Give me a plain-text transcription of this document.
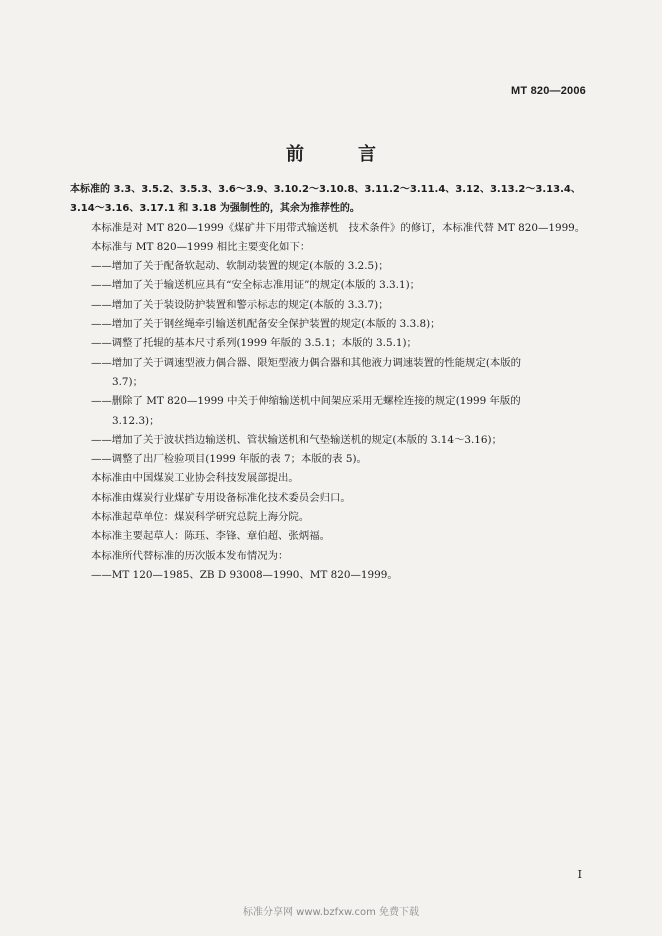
MT 820—2006
前　言

本标准的 3.3、3.5.2、3.5.3、3.6～3.9、3.10.2～3.10.8、3.11.2～3.11.4、3.12、3.13.2～3.13.4、3.14～3.16、3.17.1 和 3.18 为强制性的，其余为推荐性的。

本标准是对 MT 820—1999《煤矿井下用带式输送机　技术条件》的修订，本标准代替 MT 820—1999。

本标准与 MT 820—1999 相比主要变化如下：

——增加了关于配备软起动、软制动装置的规定(本版的 3.2.5)；

——增加了关于输送机应具有“安全标志准用证”的规定(本版的 3.3.1)；

——增加了关于装设防护装置和警示标志的规定(本版的 3.3.7)；

——增加了关于钢丝绳牵引输送机配备安全保护装置的规定(本版的 3.3.8)；

——调整了托辊的基本尺寸系列(1999 年版的 3.5.1；本版的 3.5.1)；

——增加了关于调速型液力偶合器、限矩型液力偶合器和其他液力调速装置的性能规定(本版的
3.7)；

——删除了 MT 820—1999 中关于伸缩输送机中间架应采用无螺栓连接的规定(1999 年版的
3.12.3)；

——增加了关于波状挡边输送机、管状输送机和气垫输送机的规定(本版的 3.14～3.16)；

——调整了出厂检验项目(1999 年版的表 7；本版的表 5)。

本标准由中国煤炭工业协会科技发展部提出。

本标准由煤炭行业煤矿专用设备标准化技术委员会归口。

本标准起草单位：煤炭科学研究总院上海分院。

本标准主要起草人：陈珏、李锋、章伯超、张炳福。

本标准所代替标准的历次版本发布情况为：

——MT 120—1985、ZB D 93008—1990、MT 820—1999。

I
标准分享网 www.bzfxw.com 免费下载
